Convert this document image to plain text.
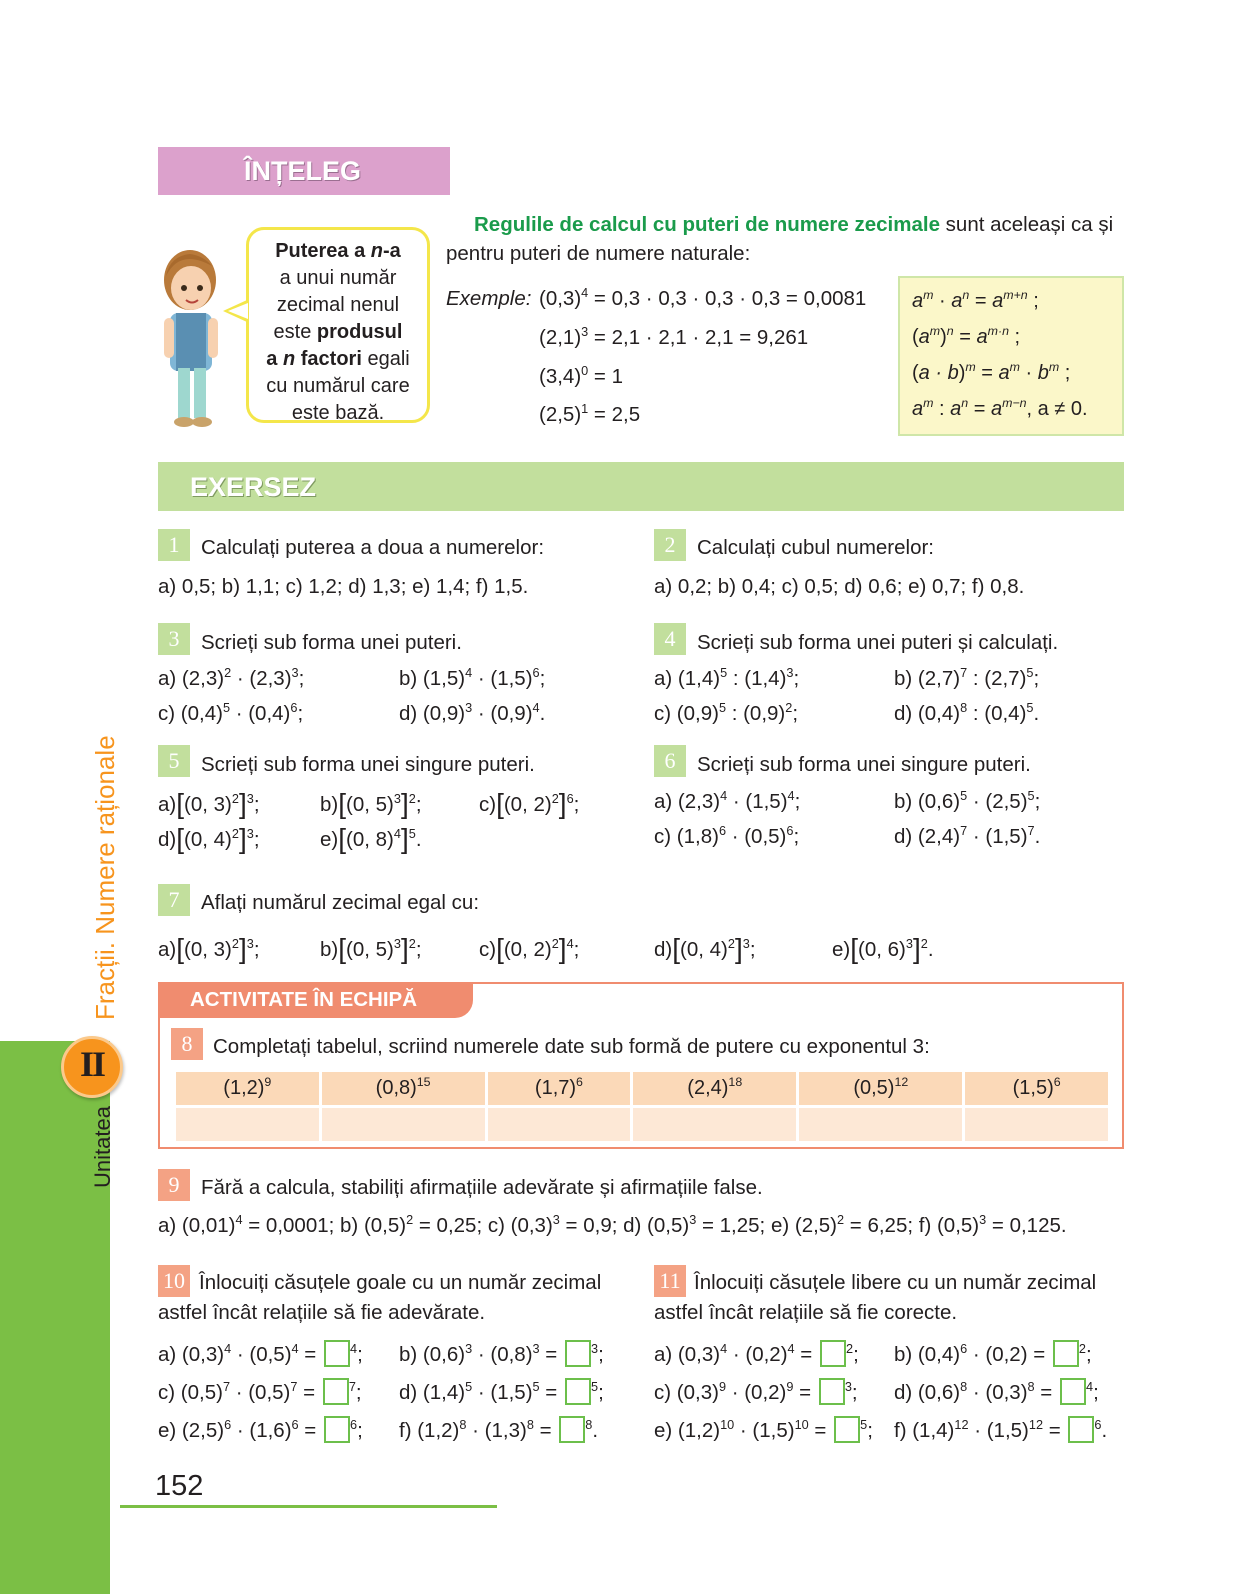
ÎNȚELEG
Puterea a n-a
a unui număr
zecimal nenul
este produsul
a n factori egali
cu numărul care
este bază.
Regulile de calcul cu puteri de numere zecimale sunt aceleași ca și
pentru puteri de numere naturale:
Exemple: $(0,3)^4 = 0,3 \cdot 0,3 \cdot 0,3 \cdot 0,3 = 0,0081$
$(2,1)^3 = 2,1 \cdot 2,1 \cdot 2,1 = 9,261$
$(3,4)^0 = 1$
$(2,5)^1 = 2,5$
$a^m \cdot a^n = a^{m+n}$ ;
$(a^m)^n = a^{m\cdot n}$ ;
$(a \cdot b)^m = a^m \cdot b^m$ ;
$a^m$ : $a^n = a^{m-n}$, a ≠ 0.
EXERSEZ
1	Calculați puterea a doua a numerelor:
a) 0,5; b) 1,1; c) 1,2; d) 1,3; e) 1,4; f) 1,5.
2	Calculați cubul numerelor:
a) 0,2; b) 0,4; c) 0,5; d) 0,6; e) 0,7; f) 0,8.
3	Scrieți sub forma unei puteri.
a) $(2,3)^2 \cdot (2,3)^3$;	b) $(1,5)^4 \cdot (1,5)^6$;
c) $(0,4)^5 \cdot (0,4)^6$;	d) $(0,9)^3 \cdot (0,9)^4$.
4	Scrieți sub forma unei puteri și calculați.
a) $(1,4)^5$ : $(1,4)^3$;	b) $(2,7)^7$ : $(2,7)^5$;
c) $(0,9)^5$ : $(0,9)^2$;	d) $(0,4)^8$ : $(0,4)^5$.
5	Scrieți sub forma unei singure puteri.
a)[(0, 3)$^2$]$^3$;	b)[(0, 5)$^3$]$^2$;	c)[(0, 2)$^2$]$^6$;
d)[(0, 4)$^2$]$^3$;	e)[(0, 8)$^4$]$^5$.
6	Scrieți sub forma unei singure puteri.
a) $(2,3)^4 \cdot (1,5)^4$;	b) $(0,6)^5 \cdot (2,5)^5$;
c) $(1,8)^6 \cdot (0,5)^6$;	d) $(2,4)^7 \cdot (1,5)^7$.
7	Aflați numărul zecimal egal cu:
a)[(0, 3)$^2$]$^3$;	b)[(0, 5)$^3$]$^2$;	c)[(0, 2)$^2$]$^4$;	d)[(0, 4)$^2$]$^3$;	e)[(0, 6)$^3$]$^2$.
ACTIVITATE ÎN ECHIPĂ
8	Completați tabelul, scriind numerele date sub formă de putere cu exponentul 3:
$(1,2)^9$	$(0,8)^{15}$	$(1,7)^6$	$(2,4)^{18}$	$(0,5)^{12}$	$(1,5)^6$

9	Fără a calcula, stabiliți afirmațiile adevărate și afirmațiile false.
a) $(0,01)^4 = 0,0001$; b) $(0,5)^2 = 0,25$; c) $(0,3)^3 = 0,9$; d) $(0,5)^3 = 1,25$; e) $(2,5)^2 = 6,25$; f) $(0,5)^3 = 0,125$.
10 Înlocuiți căsuțele goale cu un număr zecimal
astfel încât relațiile să fie adevărate.
a) $(0,3)^4 \cdot (0,5)^4 = ^4$; b) $(0,6)^3 \cdot (0,8)^3 = ^3$;
c) $(0,5)^7 \cdot (0,5)^7 = ^7$; d) $(1,4)^5 \cdot (1,5)^5 = ^5$;
e) $(2,5)^6 \cdot (1,6)^6 = ^6$; f) $(1,2)^8 \cdot (1,3)^8 = ^8$.
11 Înlocuiți căsuțele libere cu un număr zecimal
astfel încât relațiile să fie corecte.
a) $(0,3)^4 \cdot (0,2)^4 = ^2$; b) $(0,4)^6 \cdot (0,2) = ^2$;
c) $(0,3)^9 \cdot (0,2)^9 = ^3$; d) $(0,6)^8 \cdot (0,3)^8 = ^4$;
e) $(1,2)^{10} \cdot (1,5)^{10} = ^5$; f) $(1,4)^{12} \cdot (1,5)^{12} = ^6$.
Unitatea
Fracții. Numere raționale
II
152
